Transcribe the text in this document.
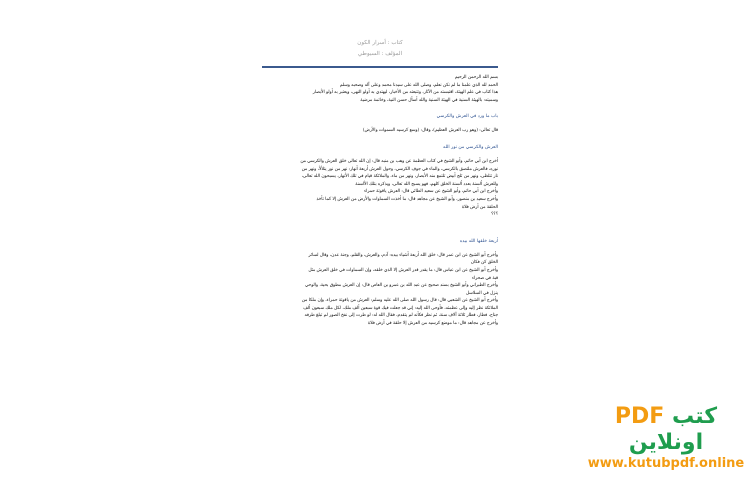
كتاب : أسرار الكون
المؤلف : السيوطي

بسم الله الرحمن الرحيم

الحمد لله الذي علمنا ما لم نكن نعلم، وصلى الله على سيدنا محمد وعلى آله وصحبه وسلم

هذا كتاب في علم الهيئة، اقتبسته من الآثار، وتتبعته من الأخبار، ليهتدي به أولو النهى، ويعتبر به أولو الأبصار

وسميته: بالهيئة السنية في الهيئة السنية والله أسأل حسن النية، وخاتمة مرضية

باب ما ورد في العرش والكرسي

قال تعالى: (وهو رب العرش العظيم)، وقال: (وسع كرسيه السموات والأرض)

العرش والكرسي من نور الله

أخرج ابن أبي حاتم، وأبو الشيخ في كتاب العظمة عن وهب بن منبه قال: إن الله تعالى خلق العرش والكرسي من

نوره، فالعرش ملتصق بالكرسي، والماء في جوف الكرسي، وحول العرش أربعة أنهار: نهر من نور يتلألأ، ونهر من

نار تتلظى، ونهر من ثلج أبيض تلتمع منه الأبصار، ونهر من ماء، والملائكة قيام في تلك الأنهار، يسبحون الله تعالى،

وللعرش ألسنة بعدد ألسنة الخلق كلهم، فهو يسبح الله تعالى، ويذكره بتلك الألسنة

وأخرج ابن أبي حاتم، وأبو الشيخ عن سعيد الطائي قال: العرش ياقوتة حمراء

وأخرج سعيد بن منصور، وأبو الشيخ عن مجاهد قال: ما أخذت السماوات والأرض من العرش إلا كما تأخذ

الحلقة من أرض فلاة

؟؟؟

أربعة خلقها الله بيده

وأخرج أبو الشيخ عن ابن عمر قال: خلق الله أربعة أشياء بيده: آدم، والعرش، والقلم، وجنة عدن، وقال لسائر

الخلق كن فكان

وأخرج أبو الشيخ عن ابن عباس قال: ما يقدر قدر العرش إلا الذي خلقه، وإن السماوات في خلق العرش مثل

قبة في صحراء

وأخرج الطبراني وأبو الشيخ بسند صحيح عن عبد الله بن عمرو بن العاص قال: إن العرش مطوق بحية، والوحي

ينزل في السلاسل

وأخرج أبو الشيخ عن الشعبي قال: قال رسول الله صلى الله عليه وسلم: العرش من ياقوتة حمراء، وإن ملكا من

الملائكة نظر إليه وإلى عظمته، فأوحى الله إليه: إني قد جعلت فيك قوة سبعين ألف ملك، لكل ملك سبعون ألف

جناح، فطار، فطار ثلاثة آلاف سنة، ثم نظر فكأنه لم يتقدم، فقال الله له: لو طرت إلى نفخ الصور لم تبلغ طرفه

وأخرج عن مجاهد قال: ما موضع كرسيه من العرش إلا حلقة في أرض فلاة

كتب PDF اونلاين
www.kutubpdf.online
